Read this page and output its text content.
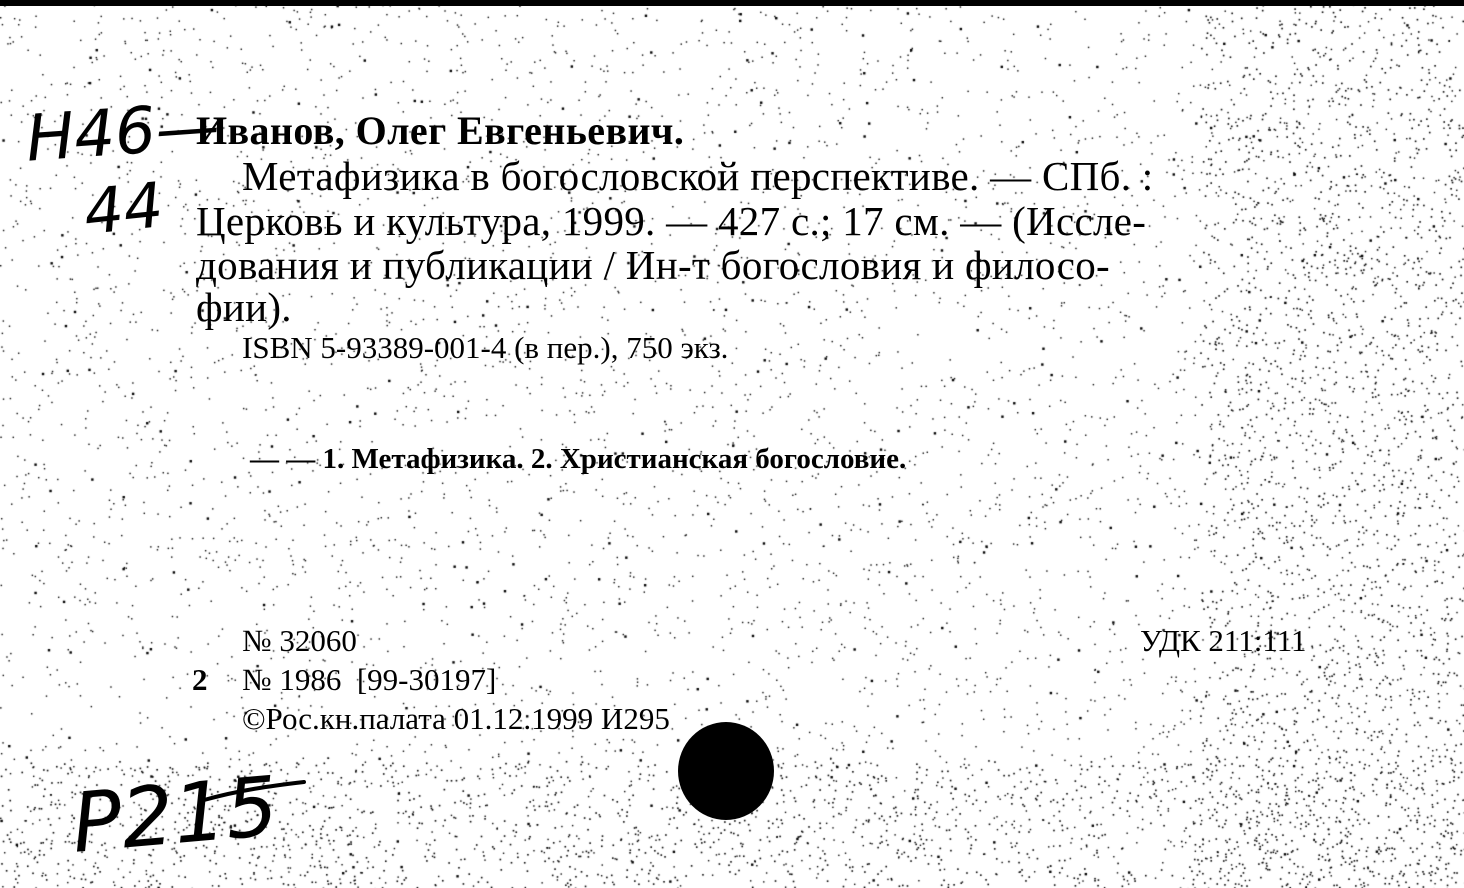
Н46—
44
Иванов, Олег Евгеньевич.
Метафизика в богословской перспективе. — СПб. :
Церковь и культура, 1999. — 427 с.; 17 см. — (Иссле-
дования и публикации / Ин-т богословия и филосо-
фии).
ISBN 5-93389-001-4 (в пер.), 750 экз.
— — 1. Метафизика. 2. Христианская богословие.
№ 32060
2 № 1986  [99-30197]
©Рос.кн.палата 01.12.1999 И295
УДК 211:111
Р215
